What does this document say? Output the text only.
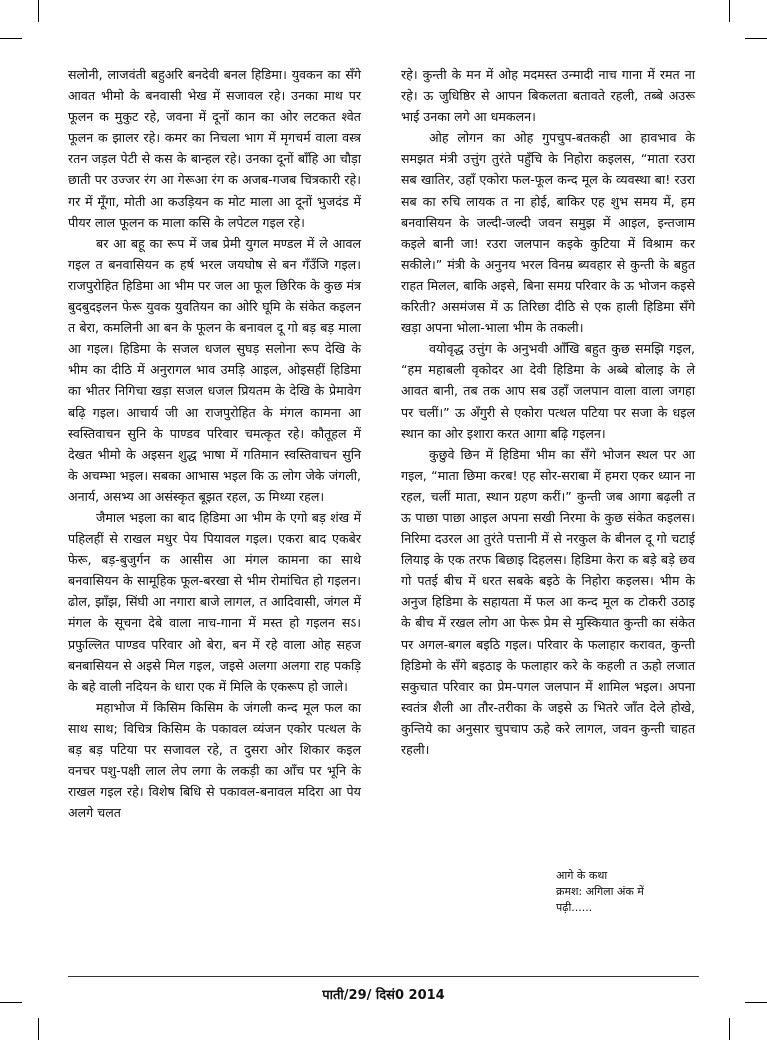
सलोनी, लाजवंती बहुअरि बनदेवी बनल हिडिमा। युवकन का सँगे आवत भीमो के बनवासी भेख में सजावल रहे। उनका माथ पर फूलन क मुकुट रहे, जवना में दूनों कान का ओर लटकत श्वेत फूलन क झालर रहे। कमर का निचला भाग में मृगचर्म वाला वस्त्र रतन जड़ल पेटी से कस के बान्हल रहे। उनका दूनों बाँहि आ चौड़ा छाती पर उज्जर रंग आ गेरूआ रंग क अजब-गजब चित्रकारी रहे। गर में मूँगा, मोती आ कउड़ियन क मोट माला आ दूनों भुजदंड में पीयर लाल फूलन क माला कसि के लपेटल गइल रहे।

बर आ बहू का रूप में जब प्रेमी युगल मण्डल में ले आवल गइल त बनवासियन क हर्ष भरल जयघोष से बन गँउँजि गइल। राजपुरोहित हिडिमा आ भीम पर जल आ फूल छिरिक के कुछ मंत्र बुदबुदइलन फेरू युवक युवतियन का ओरि घूमि के संकेत कइलन त बेरा, कमलिनी आ बन के फूलन के बनावल दू गो बड़ बड़ माला आ गइल। हिडिमा के सजल धजल सुघड़ सलोना रूप देखि के भीम का दीठि में अनुरागल भाव उमड़ि आइल, ओइसहीं हिडिमा का भीतर निगिचा खड़ा सजल धजल प्रियतम के देखि के प्रेमावेग बढ़ि गइल। आचार्य जी आ राजपुरोहित के मंगल कामना आ स्वस्तिवाचन सुनि के पाण्डव परिवार चमत्कृत रहे। कौतूहल में देखत भीमो के अइसन शुद्ध भाषा में गतिमान स्वस्तिवाचन सुनि के अचम्भा भइल। सबका आभास भइल कि ऊ लोग जेके जंगली, अनार्य, असभ्य आ असंस्कृत बूझत रहल, ऊ मिथ्या रहल।

जैमाल भइला का बाद हिडिमा आ भीम के एगो बड़ शंख में पहिलहीं से राखल मधुर पेय पियावल गइल। एकरा बाद एकबेर फेरू, बड़-बुजुर्गन क आसीस आ मंगल कामना का साथे बनवासियन के सामूहिक फूल-बरखा से भीम रोमांचित हो गइलन। ढोल, झाँझ, सिंघी आ नगारा बाजे लागल, त आदिवासी, जंगल में मंगल के सूचना देबे वाला नाच-गाना में मस्त हो गइलन सऽ। प्रफुल्लित पाण्डव परिवार ओ बेरा, बन में रहे वाला ओह सहज बनबासियन से अइसे मिल गइल, जइसे अलगा अलगा राह पकड़ि के बहे वाली नदियन के धारा एक में मिलि के एकरूप हो जाले।

महाभोज में किसिम किसिम के जंगली कन्द मूल फल का साथ साथ; विचित्र किसिम के पकावल व्यंजन एकोर पत्थल के बड़ बड़ पटिया पर सजावल रहे, त दुसरा ओर शिकार कइल वनचर पशु-पक्षी लाल लेप लगा के लकड़ी का आँच पर भूनि के राखल गइल रहे। विशेष बिधि से पकावल-बनावल मदिरा आ पेय अलगे चलत

रहे। कुन्ती के मन में ओह मदमस्त उन्मादी नाच गाना में रमत ना रहे। ऊ जुधिष्ठिर से आपन बिकलता बतावते रहली, तब्बे अउरू भाई उनका लगे आ धमकलन।

ओह लोगन का ओह गुपचुप-बतकही आ हावभाव के समझत मंत्री उत्तुंग तुरंते पहुँचि के निहोरा कइलस, “माता रउरा सब खातिर, उहाँ एकोरा फल-फूल कन्द मूल के व्यवस्था बा! रउरा सब का रुचि लायक त ना होई, बाकिर एह शुभ समय में, हम बनवासियन के जल्दी-जल्दी जवन समुझ में आइल, इन्तजाम कइले बानी जा! रउरा जलपान कइके कुटिया में विश्राम कर सकीले।” मंत्री के अनुनय भरल विनम्र ब्यवहार से कुन्ती के बहुत राहत मिलल, बाकि अइसे, बिना समग्र परिवार के ऊ भोजन कइसे करिती? असमंजस में ऊ तिरिछा दीठि से एक हाली हिडिमा सँगे खड़ा अपना भोला-भाला भीम के तकली।

वयोवृद्ध उत्तुंग के अनुभवी आँखि बहुत कुछ समझि गइल, “हम महाबली वृकोदर आ देवी हिडिमा के अब्बे बोलाइ के ले आवत बानी, तब तक आप सब उहाँ जलपान वाला वाला जगहा पर चलीं।” ऊ अँगुरी से एकोरा पत्थल पटिया पर सजा के धइल स्थान का ओर इशारा करत आगा बढ़ि गइलन।

कुछुवे छिन में हिडिमा भीम का सँगे भोजन स्थल पर आ गइल, “माता छिमा करब! एह सोर-सराबा में हमरा एकर ध्यान ना रहल, चलीं माता, स्थान ग्रहण करीं।” कुन्ती जब आगा बढ़ली त ऊ पाछा पाछा आइल अपना सखी निरमा के कुछ संकेत कइलस। निरिमा दउरल आ तुरंते पत्तानी में से नरकुल के बीनल दू गो चटाई लियाइ के एक तरफ बिछाइ दिहलस। हिडिमा केरा क बड़े बड़े छव गो पतई बीच में धरत सबके बइठे के निहोरा कइलस। भीम के अनुज हिडिमा के सहायता में फल आ कन्द मूल क टोकरी उठाइ के बीच में रखल लोग आ फेरू प्रेम से मुस्कियात कुन्ती का संकेत पर अगल-बगल बइठि गइल। परिवार के फलाहार करावत, कुन्ती हिडिमो के सँगे बइठाइ के फलाहार करे के कहली त ऊहो लजात सकुचात परिवार का प्रेम-पगल जलपान में शामिल भइल। अपना स्वतंत्र शैली आ तौर-तरीका के जइसे ऊ भितरे जाँत देले होखे, कुन्तिये का अनुसार चुपचाप ऊहे करे लागल, जवन कुन्ती चाहत रहली।

आगे के कथा
क्रमश: अगिला अंक में
पढ़ी......
पाती/29/ दिसं0 2014
